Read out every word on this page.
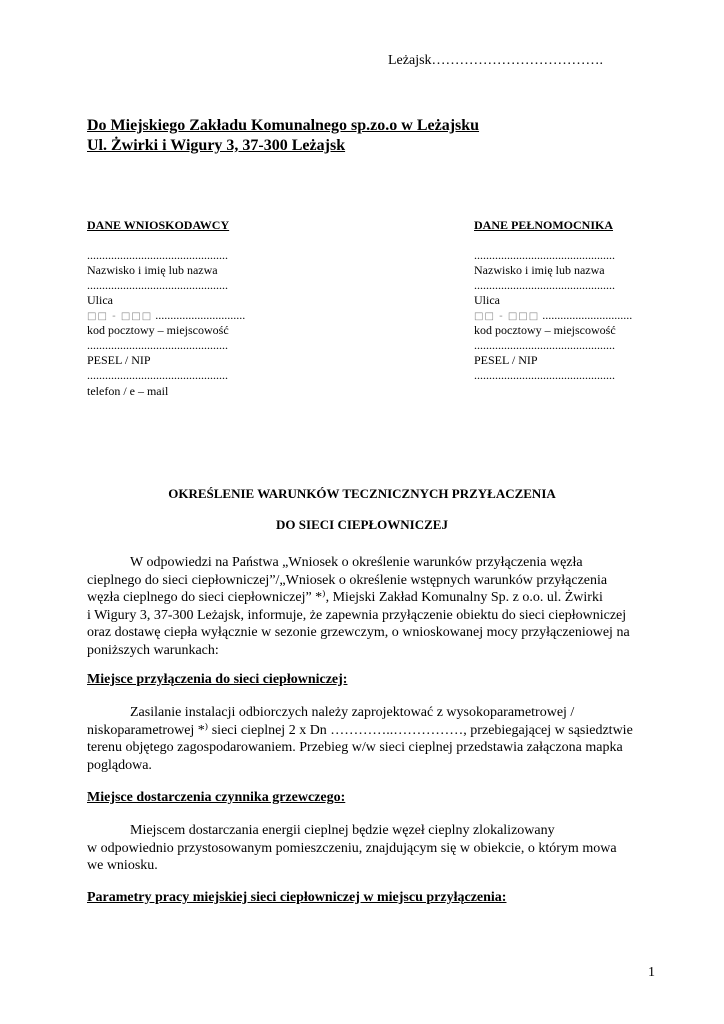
Leżajsk……………………………….
Do Miejskiego Zakładu Komunalnego sp.zo.o w Leżajsku
Ul. Żwirki i Wigury 3, 37-300 Leżajsk
DANE WNIOSKODAWCY
...............................................
Nazwisko i imię lub nazwa
...............................................
Ulica
□□ - □□□ ..............................
kod pocztowy – miejscowość
...............................................
PESEL / NIP
...............................................
telefon / e – mail
DANE PEŁNOMOCNIKA
...............................................
Nazwisko i imię lub nazwa
...............................................
Ulica
□□ - □□□ ..............................
kod pocztowy – miejscowość
...............................................
PESEL / NIP
...............................................
OKREŚLENIE WARUNKÓW TECZNICZNYCH PRZYŁACZENIA
DO SIECI CIEPŁOWNICZEJ
W odpowiedzi na Państwa „Wniosek o określenie warunków przyłączenia węzła
cieplnego do sieci ciepłowniczej”/„Wniosek o określenie wstępnych warunków przyłączenia
węzła cieplnego do sieci ciepłowniczej” *⁾, Miejski Zakład Komunalny Sp. z o.o. ul. Żwirki
i Wigury 3, 37-300 Leżajsk, informuje, że zapewnia przyłączenie obiektu do sieci ciepłowniczej
oraz dostawę ciepła wyłącznie w sezonie grzewczym, o wnioskowanej mocy przyłączeniowej na
poniższych warunkach:
Miejsce przyłączenia do sieci ciepłowniczej:
Zasilanie instalacji odbiorczych należy zaprojektować z wysokoparametrowej /
niskoparametrowej *⁾ sieci cieplnej 2 x Dn …………..……………, przebiegającej w sąsiedztwie
terenu objętego zagospodarowaniem. Przebieg w/w sieci cieplnej przedstawia załączona mapka
poglądowa.
Miejsce dostarczenia czynnika grzewczego:
Miejscem dostarczania energii cieplnej będzie węzeł cieplny zlokalizowany
w odpowiednio przystosowanym pomieszczeniu, znajdującym się w obiekcie, o którym mowa
we wniosku.
Parametry pracy miejskiej sieci ciepłowniczej w miejscu przyłączenia:
1
